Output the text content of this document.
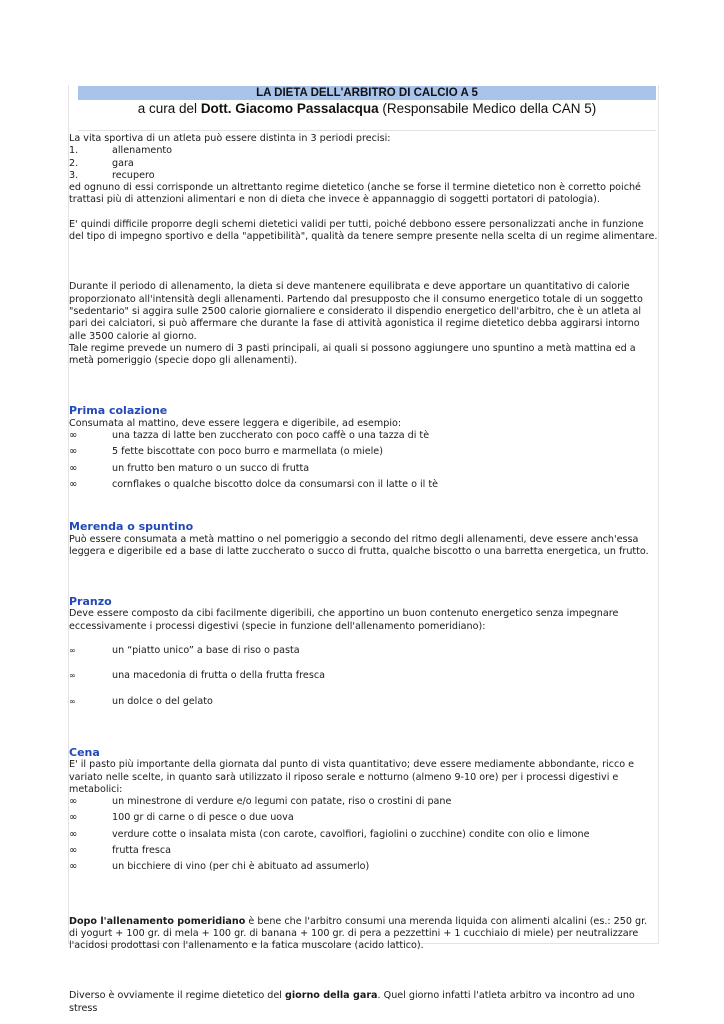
LA DIETA DELL'ARBITRO DI CALCIO A 5
a cura del Dott. Giacomo Passalacqua (Responsabile Medico della CAN 5)

La vita sportiva di un atleta può essere distinta in 3 periodi precisi:

1.	allenamento
2.	gara
3.	recupero

ed ognuno di essi corrisponde un altrettanto regime dietetico (anche se forse il termine dietetico non è corretto poiché trattasi più di attenzioni alimentari e non di dieta che invece è appannaggio di soggetti portatori di patologia).

E' quindi difficile proporre degli schemi dietetici validi per tutti, poiché debbono essere personalizzati anche in funzione del tipo di impegno sportivo e della "appetibilità", qualità da tenere sempre presente nella scelta di un regime alimentare.

Durante il periodo di allenamento, la dieta si deve mantenere equilibrata e deve apportare un quantitativo di calorie proporzionato all'intensità degli allenamenti. Partendo dal presupposto che il consumo energetico totale di un soggetto "sedentario" si aggira sulle 2500 calorie giornaliere e considerato il dispendio energetico dell'arbitro, che è un atleta al pari dei calciatori, si può affermare che durante la fase di attività agonistica il regime dietetico debba aggirarsi intorno alle 3500 calorie al giorno.

Tale regime prevede un numero di 3 pasti principali, ai quali si possono aggiungere uno spuntino a metà mattina ed a metà pomeriggio (specie dopo gli allenamenti).

Prima colazione

Consumata al mattino, deve essere leggera e digeribile, ad esempio:

∞	una tazza di latte ben zuccherato con poco caffè o una tazza di tè
∞	5 fette biscottate con poco burro e marmellata (o miele)
∞	un frutto ben maturo o un succo di frutta
∞	cornflakes o qualche biscotto dolce da consumarsi con il latte o il tè

Merenda o spuntino

Può essere consumata a metà mattino o nel pomeriggio a secondo del ritmo degli allenamenti, deve essere anch'essa leggera e digeribile ed a base di latte zuccherato o succo di frutta, qualche biscotto o una barretta energetica, un frutto.

Pranzo

Deve essere composto da cibi facilmente digeribili, che apportino un buon contenuto energetico senza impegnare eccessivamente i processi digestivi (specie in funzione dell'allenamento pomeridiano):

∞	un “piatto unico” a base di riso o pasta
∞	una macedonia di frutta o della frutta fresca
∞	un dolce o del gelato

Cena

E' il pasto più importante della giornata dal punto di vista quantitativo; deve essere mediamente abbondante, ricco e variato nelle scelte, in quanto sarà utilizzato il riposo serale e notturno (almeno 9-10 ore) per i processi digestivi e metabolici:

∞	un minestrone di verdure e/o legumi con patate, riso o crostini di pane
∞	100 gr di carne o di pesce o due uova
∞	verdure cotte o insalata mista (con carote, cavolfiori, fagiolini o zucchine) condite con olio e limone
∞	frutta fresca
∞	un bicchiere di vino (per chi è abituato ad assumerlo)

Dopo l'allenamento pomeridiano è bene che l'arbitro consumi una merenda liquida con alimenti alcalini (es.: 250 gr. di yogurt + 100 gr. di mela + 100 gr. di banana + 100 gr. di pera a pezzettini + 1 cucchiaio di miele) per neutralizzare l'acidosi prodottasi con l'allenamento e la fatica muscolare (acido lattico).

Diverso è ovviamente il regime dietetico del giorno della gara. Quel giorno infatti l'atleta arbitro va incontro ad uno stress
